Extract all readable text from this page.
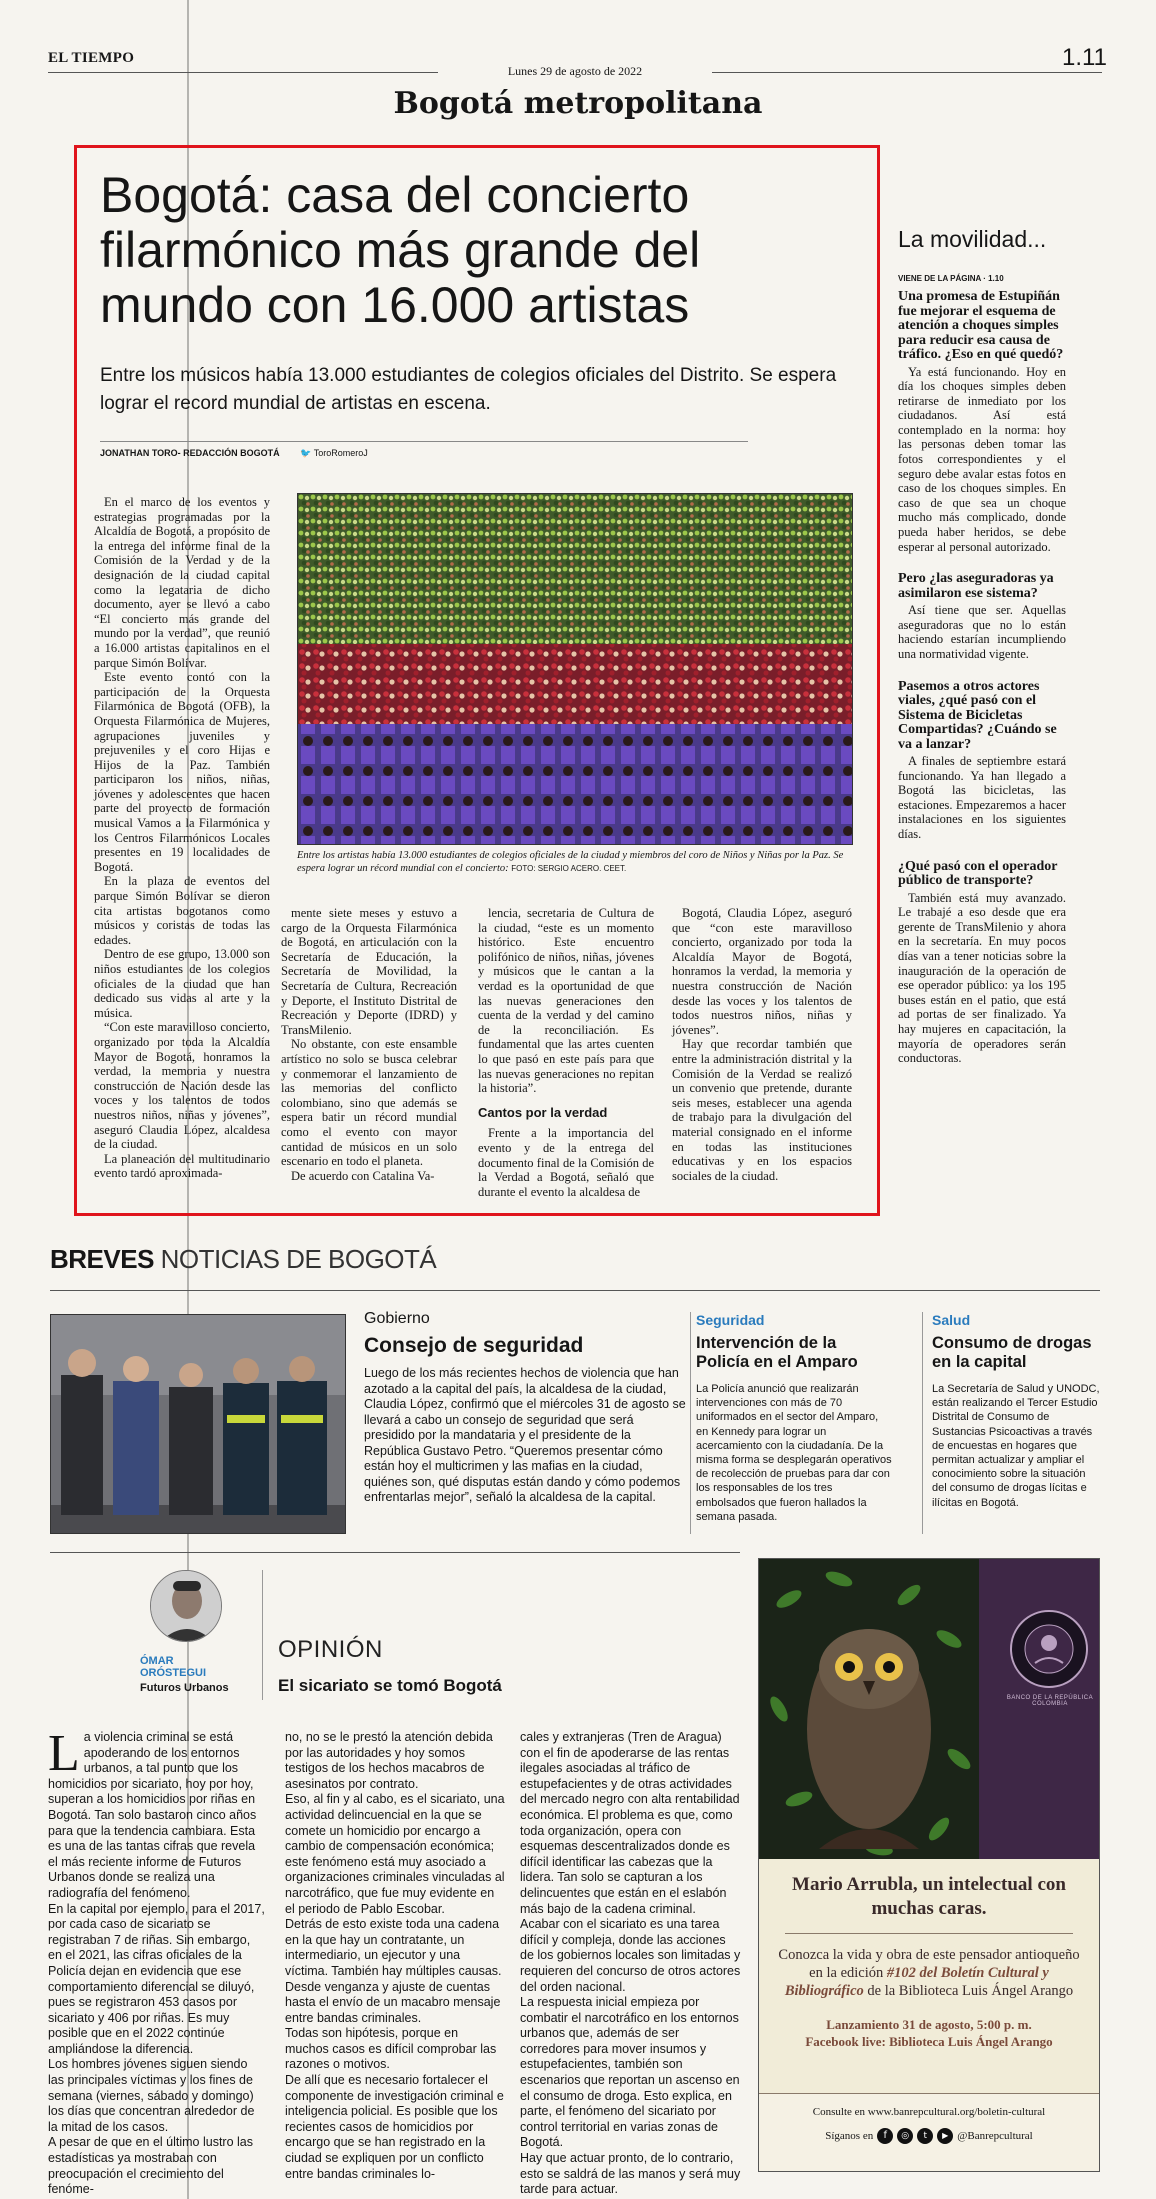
EL TIEMPO	1.11
Lunes 29 de agosto de 2022
Bogotá metropolitana
Bogotá: casa del concierto filarmónico más grande del mundo con 16.000 artistas
Entre los músicos había 13.000 estudiantes de colegios oficiales del Distrito. Se espera lograr el record mundial de artistas en escena.
JONATHAN TORO- REDACCIÓN BOGOTÁ 🐦 ToroRomeroJ

En el marco de los eventos y estrategias programadas por la Alcaldía de Bogotá, a propósito de la entrega del informe final de la Comisión de la Verdad y de la designación de la ciudad capital como la legataria de dicho documento, ayer se llevó a cabo “El concierto más grande del mundo por la verdad”, que reunió a 16.000 artistas capitalinos en el parque Simón Bolívar.

Este evento contó con la participación de la Orquesta Filarmónica de Bogotá (OFB), la Orquesta Filarmónica de Mujeres, agrupaciones juveniles y prejuveniles y el coro Hijas e Hijos de la Paz. También participaron los niños, niñas, jóvenes y adolescentes que hacen parte del proyecto de formación musical Vamos a la Filarmónica y los Centros Filarmónicos Locales presentes en 19 localidades de Bogotá.

En la plaza de eventos del parque Simón Bolívar se dieron cita artistas bogotanos como músicos y coristas de todas las edades.

Dentro de ese grupo, 13.000 son niños estudiantes de los colegios oficiales de la ciudad que han dedicado sus vidas al arte y la música.

“Con este maravilloso concierto, organizado por toda la Alcaldía Mayor de Bogotá, honramos la verdad, la memoria y nuestra construcción de Nación desde las voces y los talentos de todos nuestros niños, niñas y jóvenes”, aseguró Claudia López, alcaldesa de la ciudad.

La planeación del multitudinario evento tardó aproximada-

Entre los artistas había 13.000 estudiantes de colegios oficiales de la ciudad y miembros del coro de Niños y Niñas por la Paz. Se espera lograr un récord mundial con el concierto: FOTO: SERGIO ACERO. CEET.

mente siete meses y estuvo a cargo de la Orquesta Filarmónica de Bogotá, en articulación con la Secretaría de Educación, la Secretaría de Movilidad, la Secretaría de Cultura, Recreación y Deporte, el Instituto Distrital de Recreación y Deporte (IDRD) y TransMilenio.

No obstante, con este ensamble artístico no solo se busca celebrar y conmemorar el lanzamiento de las memorias del conflicto colombiano, sino que además se espera batir un récord mundial como el evento con mayor cantidad de músicos en un solo escenario en todo el planeta.

De acuerdo con Catalina Va-

lencia, secretaria de Cultura de la ciudad, “este es un momento histórico. Este encuentro polifónico de niños, niñas, jóvenes y músicos que le cantan a la verdad es la oportunidad de que las nuevas generaciones den cuenta de la verdad y del camino de la reconciliación. Es fundamental que las artes cuenten lo que pasó en este país para que las nuevas generaciones no repitan la historia”.

Cantos por la verdad

Frente a la importancia del evento y de la entrega del documento final de la Comisión de la Verdad a Bogotá, señaló que durante el evento la alcaldesa de

Bogotá, Claudia López, aseguró que “con este maravilloso concierto, organizado por toda la Alcaldía Mayor de Bogotá, honramos la verdad, la memoria y nuestra construcción de Nación desde las voces y los talentos de todos nuestros niños, niñas y jóvenes”.

Hay que recordar también que entre la administración distrital y la Comisión de la Verdad se realizó un convenio que pretende, durante seis meses, establecer una agenda de trabajo para la divulgación del material consignado en el informe en todas las instituciones educativas y en los espacios sociales de la ciudad.

La movilidad...
VIENE DE LA PÁGINA · 1.10
Una promesa de Estupiñán fue mejorar el esquema de atención a choques simples para reducir esa causa de tráfico. ¿Eso en qué quedó?
Ya está funcionando. Hoy en día los choques simples deben retirarse de inmediato por los ciudadanos. Así está contemplado en la norma: hoy las personas deben tomar las fotos correspondientes y el seguro debe avalar estas fotos en caso de los choques simples. En caso de que sea un choque mucho más complicado, donde pueda haber heridos, se debe esperar al personal autorizado.
Pero ¿las aseguradoras ya asimilaron ese sistema?
Así tiene que ser. Aquellas aseguradoras que no lo están haciendo estarían incumpliendo una normatividad vigente.
Pasemos a otros actores viales, ¿qué pasó con el Sistema de Bicicletas Compartidas? ¿Cuándo se va a lanzar?
A finales de septiembre estará funcionando. Ya han llegado a Bogotá las bicicletas, las estaciones. Empezaremos a hacer instalaciones en los siguientes días.
¿Qué pasó con el operador público de transporte?
También está muy avanzado. Le trabajé a eso desde que era gerente de TransMilenio y ahora en la secretaría. En muy pocos días van a tener noticias sobre la inauguración de la operación de ese operador público: ya los 195 buses están en el patio, que está ad portas de ser finalizado. Ya hay mujeres en capacitación, la mayoría de operadores serán conductoras.
BREVES NOTICIAS DE BOGOTÁ
Gobierno
Consejo de seguridad
Luego de los más recientes hechos de violencia que han azotado a la capital del país, la alcaldesa de la ciudad, Claudia López, confirmó que el miércoles 31 de agosto se llevará a cabo un consejo de seguridad que será presidido por la mandataria y el presidente de la República Gustavo Petro. “Queremos presentar cómo están hoy el multicrimen y las mafias en la ciudad, quiénes son, qué disputas están dando y cómo podemos enfrentarlas mejor”, señaló la alcaldesa de la capital.
Seguridad
Intervención de la Policía en el Amparo
La Policía anunció que realizarán intervenciones con más de 70 uniformados en el sector del Amparo, en Kennedy para lograr un acercamiento con la ciudadanía. De la misma forma se desplegarán operativos de recolección de pruebas para dar con los responsables de los tres embolsados que fueron hallados la semana pasada.
Salud
Consumo de drogas en la capital
La Secretaría de Salud y UNODC, están realizando el Tercer Estudio Distrital de Consumo de Sustancias Psicoactivas a través de encuestas en hogares que permitan actualizar y ampliar el conocimiento sobre la situación del consumo de drogas lícitas e ilícitas en Bogotá.
ÓMAR
ORÓSTEGUI
Futuros Urbanos
OPINIÓN
El sicariato se tomó Bogotá
L a violencia criminal se está apoderando de los entornos urbanos, a tal punto que los homicidios por sicariato, hoy por hoy, superan a los homicidios por riñas en Bogotá. Tan solo bastaron cinco años para que la tendencia cambiara. Esta es una de las tantas cifras que revela el más reciente informe de Futuros Urbanos donde se realiza una radiografía del fenómeno.

En la capital por ejemplo, para el 2017, por cada caso de sicariato se registraban 7 de riñas. Sin embargo, en el 2021, las cifras oficiales de la Policía dejan en evidencia que ese comportamiento diferencial se diluyó, pues se registraron 453 casos por sicariato y 406 por riñas. Es muy posible que en el 2022 continúe ampliándose la diferencia.

Los hombres jóvenes siguen siendo las principales víctimas y los fines de semana (viernes, sábado y domingo) los días que concentran alrededor de la mitad de los casos.

A pesar de que en el último lustro las estadísticas ya mostraban con preocupación el crecimiento del fenóme-

no, no se le prestó la atención debida por las autoridades y hoy somos testigos de los hechos macabros de asesinatos por contrato.

Eso, al fin y al cabo, es el sicariato, una actividad delincuencial en la que se comete un homicidio por encargo a cambio de compensación económica; este fenómeno está muy asociado a organizaciones criminales vinculadas al narcotráfico, que fue muy evidente en el periodo de Pablo Escobar.

Detrás de esto existe toda una cadena en la que hay un contratante, un intermediario, un ejecutor y una víctima. También hay múltiples causas. Desde venganza y ajuste de cuentas hasta el envío de un macabro mensaje entre bandas criminales.

Todas son hipótesis, porque en muchos casos es difícil comprobar las razones o motivos.

De allí que es necesario fortalecer el componente de investigación criminal e inteligencia policial. Es posible que los recientes casos de homicidios por encargo que se han registrado en la ciudad se expliquen por un conflicto entre bandas criminales lo-

cales y extranjeras (Tren de Aragua) con el fin de apoderarse de las rentas ilegales asociadas al tráfico de estupefacientes y de otras actividades del mercado negro con alta rentabilidad económica. El problema es que, como toda organización, opera con esquemas descentralizados donde es difícil identificar las cabezas que la lidera. Tan solo se capturan a los delincuentes que están en el eslabón más bajo de la cadena criminal.

Acabar con el sicariato es una tarea difícil y compleja, donde las acciones de los gobiernos locales son limitadas y requieren del concurso de otros actores del orden nacional.

La respuesta inicial empieza por combatir el narcotráfico en los entornos urbanos que, además de ser corredores para mover insumos y estupefacientes, también son escenarios que reportan un ascenso en el consumo de droga. Esto explica, en parte, el fenómeno del sicariato por control territorial en varias zonas de Bogotá.

Hay que actuar pronto, de lo contrario, esto se saldrá de las manos y será muy tarde para actuar.

BANCO DE LA REPÚBLICA COLOMBIA
Mario Arrubla, un intelectual con muchas caras.
Conozca la vida y obra de este pensador antioqueño en la edición #102 del Boletín Cultural y Bibliográfico de la Biblioteca Luis Ángel Arango
Lanzamiento 31 de agosto, 5:00 p. m.
Facebook live: Biblioteca Luis Ángel Arango
Consulte en www.banrepcultural.org/boletin-cultural
Síganos en	f	◎	t	▶ @Banrepcultural
